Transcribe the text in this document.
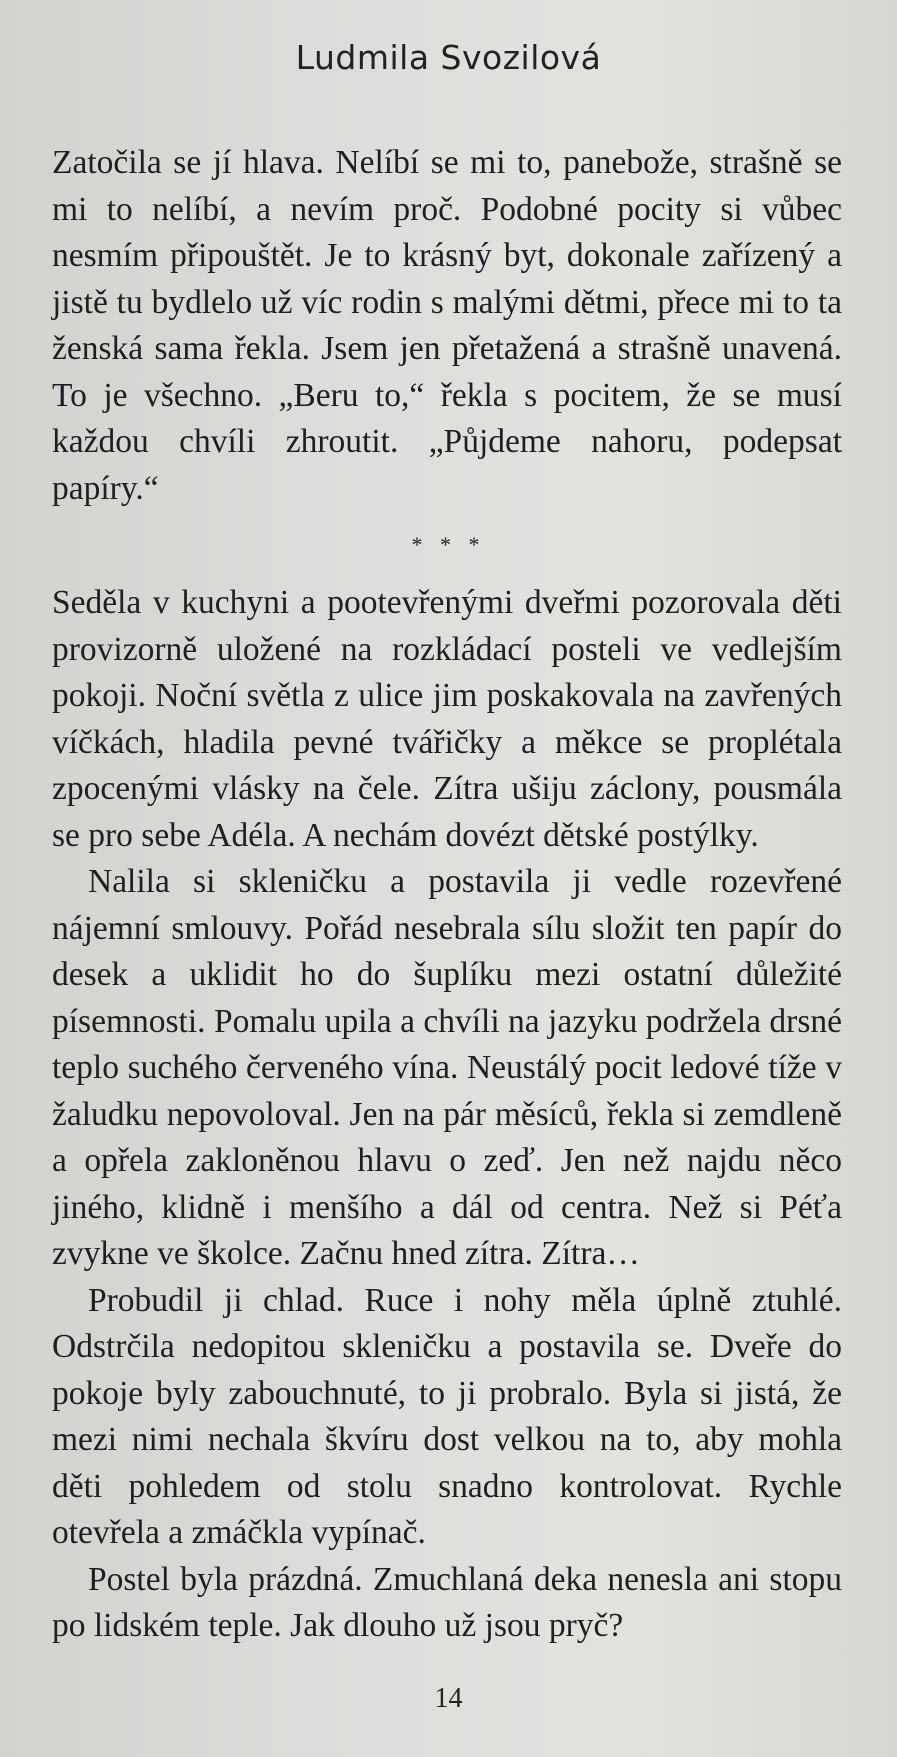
Ludmila Svozilová

Zatočila se jí hlava. Nelíbí se mi to, panebože, strašně se mi to nelíbí, a nevím proč. Podobné pocity si vůbec nesmím připouštět. Je to krásný byt, dokonale zařízený a jistě tu bydlelo už víc rodin s malými dětmi, přece mi to ta ženská sama řekla. Jsem jen přetažená a strašně unavená. To je všechno. „Beru to,“ řekla s pocitem, že se musí každou chvíli zhroutit. „Půjdeme nahoru, podepsat papíry.“

* * *

Seděla v kuchyni a pootevřenými dveřmi pozorovala děti provizorně uložené na rozkládací posteli ve vedlejším pokoji. Noční světla z ulice jim poskakovala na zavřených víčkách, hladila pevné tvářičky a měkce se proplétala zpocenými vlásky na čele. Zítra ušiju záclony, pousmála se pro sebe Adéla. A nechám dovézt dětské postýlky.

Nalila si skleničku a postavila ji vedle rozevřené nájemní smlouvy. Pořád nesebrala sílu složit ten papír do desek a uklidit ho do šuplíku mezi ostatní důležité písemnosti. Pomalu upila a chvíli na jazyku podržela drsné teplo suchého červeného vína. Neustálý pocit ledové tíže v žaludku nepovoloval. Jen na pár měsíců, řekla si zemdleně a opřela zakloněnou hlavu o zeď. Jen než najdu něco jiného, klidně i menšího a dál od centra. Než si Péťa zvykne ve školce. Začnu hned zítra. Zítra…

Probudil ji chlad. Ruce i nohy měla úplně ztuhlé. Odstrčila nedopitou skleničku a postavila se. Dveře do pokoje byly zabouchnuté, to ji probralo. Byla si jistá, že mezi nimi nechala škvíru dost velkou na to, aby mohla děti pohledem od stolu snadno kontrolovat. Rychle otevřela a zmáčkla vypínač.

Postel byla prázdná. Zmuchlaná deka nenesla ani stopu po lidském teple. Jak dlouho už jsou pryč?

14
